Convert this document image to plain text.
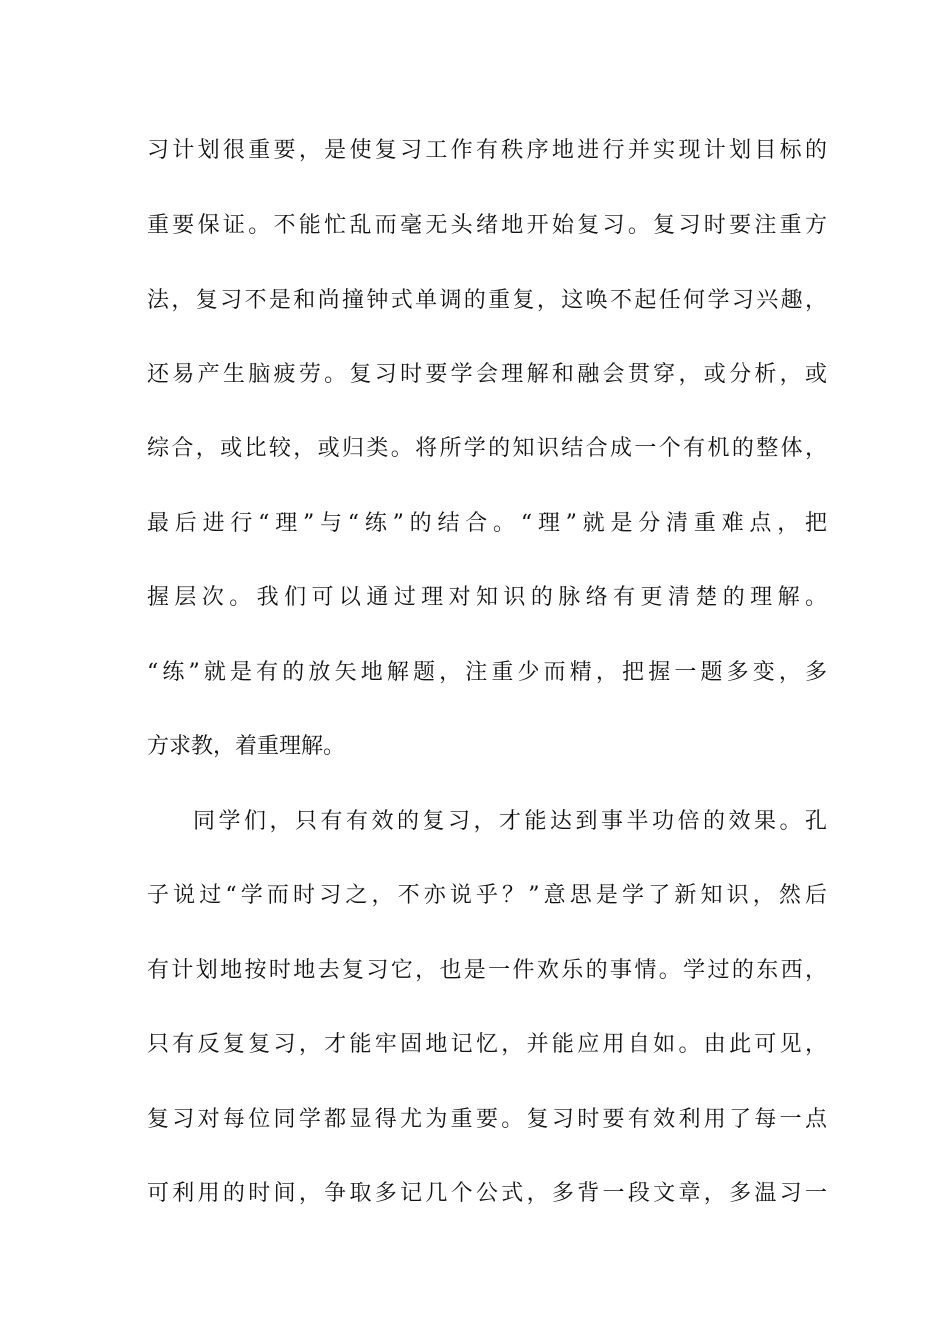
习计划很重要，是使复习工作有秩序地进行并实现计划目标的
重要保证。不能忙乱而毫无头绪地开始复习。复习时要注重方
法，复习不是和尚撞钟式单调的重复，这唤不起任何学习兴趣，
还易产生脑疲劳。复习时要学会理解和融会贯穿，或分析，或
综合，或比较，或归类。将所学的知识结合成一个有机的整体，
最后进行“理”与“练”的结合。“理”就是分清重难点，把
握层次。我们可以通过理对知识的脉络有更清楚的理解。
“练”就是有的放矢地解题，注重少而精，把握一题多变，多
方求教，着重理解。
同学们，只有有效的复习，才能达到事半功倍的效果。孔
子说过“学而时习之，不亦说乎？”意思是学了新知识，然后
有计划地按时地去复习它，也是一件欢乐的事情。学过的东西，
只有反复复习，才能牢固地记忆，并能应用自如。由此可见，
复习对每位同学都显得尤为重要。复习时要有效利用了每一点
可利用的时间，争取多记几个公式，多背一段文章，多温习一
